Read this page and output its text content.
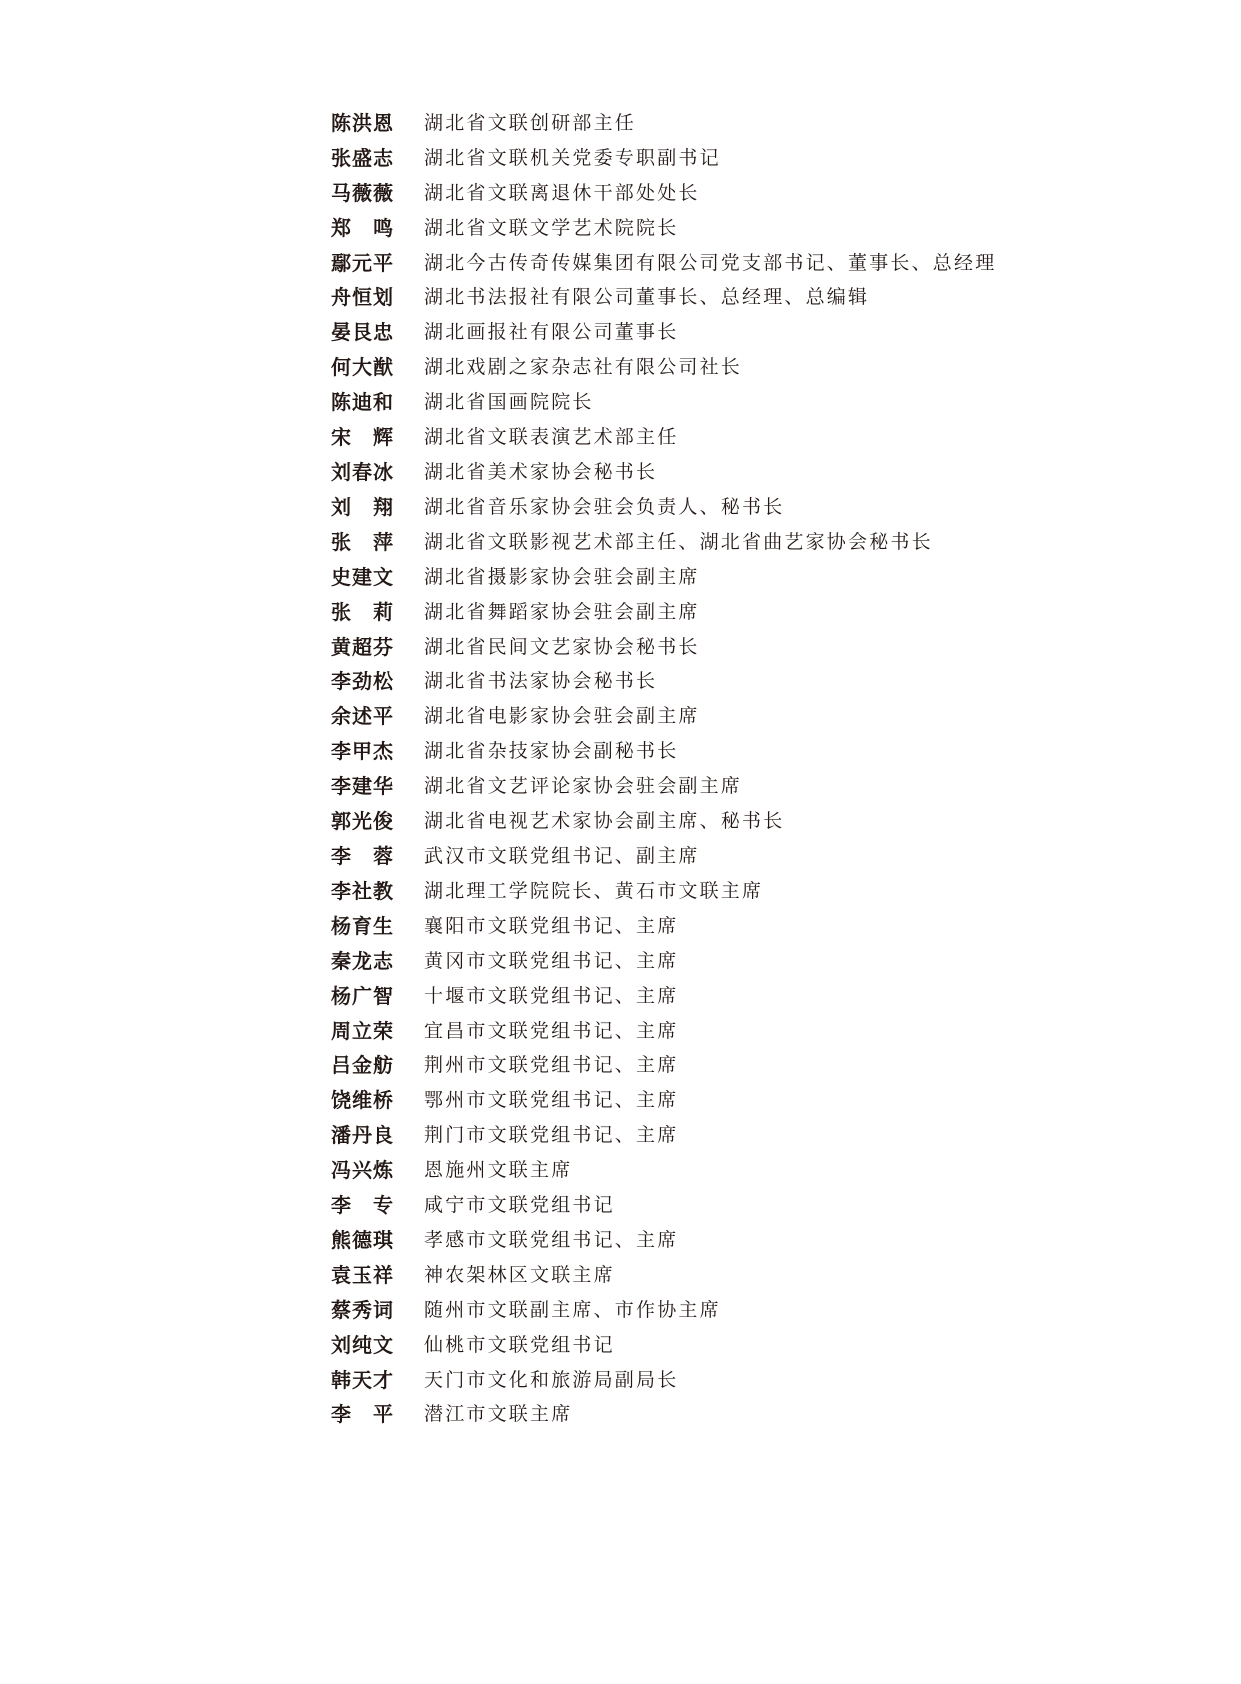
陈洪恩	湖北省文联创研部主任
张盛志	湖北省文联机关党委专职副书记
马薇薇	湖北省文联离退休干部处处长
郑　鸣	湖北省文联文学艺术院院长
鄢元平	湖北今古传奇传媒集团有限公司党支部书记、董事长、总经理
舟恒划	湖北书法报社有限公司董事长、总经理、总编辑
晏艮忠	湖北画报社有限公司董事长
何大猷	湖北戏剧之家杂志社有限公司社长
陈迪和	湖北省国画院院长
宋　辉	湖北省文联表演艺术部主任
刘春冰	湖北省美术家协会秘书长
刘　翔	湖北省音乐家协会驻会负责人、秘书长
张　萍	湖北省文联影视艺术部主任、湖北省曲艺家协会秘书长
史建文	湖北省摄影家协会驻会副主席
张　莉	湖北省舞蹈家协会驻会副主席
黄超芬	湖北省民间文艺家协会秘书长
李劲松	湖北省书法家协会秘书长
余述平	湖北省电影家协会驻会副主席
李甲杰	湖北省杂技家协会副秘书长
李建华	湖北省文艺评论家协会驻会副主席
郭光俊	湖北省电视艺术家协会副主席、秘书长
李　蓉	武汉市文联党组书记、副主席
李社教	湖北理工学院院长、黄石市文联主席
杨育生	襄阳市文联党组书记、主席
秦龙志	黄冈市文联党组书记、主席
杨广智	十堰市文联党组书记、主席
周立荣	宜昌市文联党组书记、主席
吕金舫	荆州市文联党组书记、主席
饶维桥	鄂州市文联党组书记、主席
潘丹良	荆门市文联党组书记、主席
冯兴炼	恩施州文联主席
李　专	咸宁市文联党组书记
熊德琪	孝感市文联党组书记、主席
袁玉祥	神农架林区文联主席
蔡秀词	随州市文联副主席、市作协主席
刘纯文	仙桃市文联党组书记
韩天才	天门市文化和旅游局副局长
李　平	潜江市文联主席
